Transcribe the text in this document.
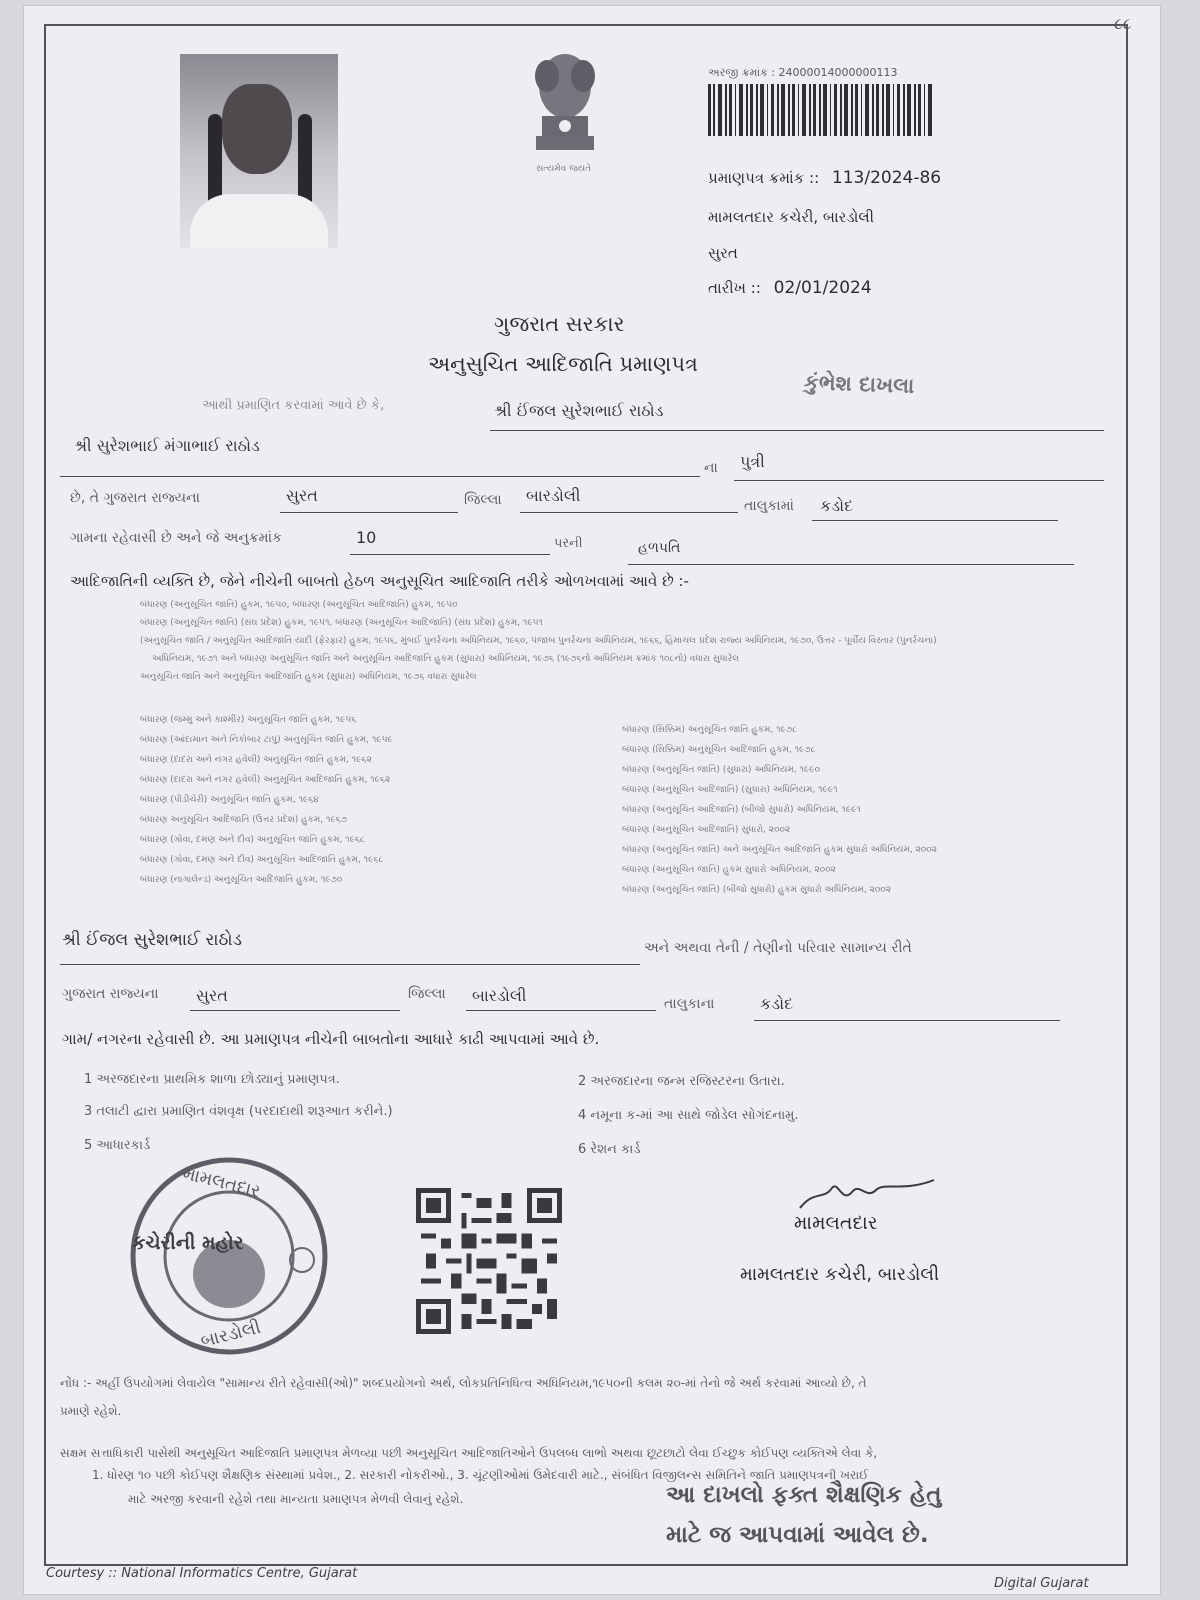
૮૮
સત્યમેવ જયતે
અરજી ક્રમાંક : 24000014000000113
પ્રમાણપત્ર ક્રમાંક :: 113/2024-86
મામલતદાર કચેરી, બારડોલી
સુરત
તારીખ :: 02/01/2024
ગુજરાત સરકાર
અનુસુચિત આદિજાતિ પ્રમાણપત્ર
કુંભેશ દાખલા
આથી પ્રમાણિત કરવામાં આવે છે કે,	શ્રી ઈંજલ સુરેશભાઈ રાઠોડ
શ્રી સુરેશભાઈ મંગાભાઈ રાઠોડ
ના પુત્રી
છે, તે ગુજરાત રાજ્યના	સુરત	જિલ્લા બારડોલી
તાલુકામાં કડોદ
ગામના રહેવાસી છે અને જે અનુક્રમાંક	10	પરની	હળપતિ
આદિજાતિની વ્યક્તિ છે, જેને નીચેની બાબતો હેઠળ અનુસૂચિત આદિજાતિ તરીકે ઓળખવામાં આવે છે :-
બંધારણ (અનુસૂચિત જાતિ) હુકમ, ૧૯૫૦, બંધારણ (અનુસૂચિત આદિજાતિ) હુકમ, ૧૯૫૦
બંધારણ (અનુસૂચિત જાતિ) (સંઘ પ્રદેશ) હુકમ, ૧૯૫૧, બંધારણ (અનુસૂચિત આદિજાતિ) (સંઘ પ્રદેશ) હુકમ, ૧૯૫૧
(અનુસૂચિત જાતિ / અનુસૂચિત આદિજાતિ યાદી (ફેરફાર) હુકમ, ૧૯૫૬, મુંબઈ પુનર્રચના અધિનિયમ, ૧૯૬૦, પંજાબ પુનર્રચના અધિનિયમ, ૧૯૬૬, હિમાચલ પ્રદેશ રાજ્ય અધિનિયમ, ૧૯૭૦, ઉત્તર - પૂર્વીય વિસ્તાર (પુનર્રચના)
અધિનિયમ, ૧૯૭૧ અને બંધારણ અનુસૂચિત જાતિ અને અનુસૂચિત આદિજાતિ હુકમ (સુધારા) અધિનિયમ, ૧૯૭૬ (૧૯૭૬નો અધિનિયમ ક્રમાંક ૧૦૮નો) વધારા સુધારેલ
અનુસૂચિત જાતિ અને અનુસૂચિત આદિજાતિ હુકમ (સુધારા) અધિનિયમ, ૧૯૭૬ વધારા સુધારેલ
બંધારણ (જમ્મુ અને કાશ્મીર) અનુસૂચિત જાતિ હુકમ, ૧૯૫૬
બંધારણ (આંદામાન અને નિકોબાર ટાપુ) અનુસૂચિત જાતિ હુકમ, ૧૯૫૯
બંધારણ (દાદરા અને નગર હવેલી) અનુસૂચિત જાતિ હુકમ, ૧૯૬૨
બંધારણ (દાદરા અને નગર હવેલી) અનુસૂચિત આદિજાતિ હુકમ, ૧૯૬૨
બંધારણ (પોંડીચેરી) અનુસૂચિત જાતિ હુકમ, ૧૯૬૪
બંધારણ અનુસૂચિત આદિજાતિ (ઉત્તર પ્રદેશ) હુકમ, ૧૯૬૭
બંધારણ (ગોવા, દમણ અને દીવ) અનુસૂચિત જાતિ હુકમ, ૧૯૬૮
બંધારણ (ગોવા, દમણ અને દીવ) અનુસૂચિત આદિજાતિ હુકમ, ૧૯૬૮
બંધારણ (નાગાલેન્ડ) અનુસૂચિત આદિજાતિ હુકમ, ૧૯૭૦
બંધારણ (સિક્કિમ) અનુસૂચિત જાતિ હુકમ, ૧૯૭૮
બંધારણ (સિક્કિમ) અનુસૂચિત આદિજાતિ હુકમ, ૧૯૭૮
બંધારણ (અનુસૂચિત જાતિ) (સુધારા) અધિનિયમ, ૧૯૯૦
બંધારણ (અનુસૂચિત આદિજાતિ) (સુધારા) અધિનિયમ, ૧૯૯૧
બંધારણ (અનુસૂચિત આદિજાતિ) (બીજો સુધારો) અધિનિયમ, ૧૯૯૧
બંધારણ (અનુસૂચિત આદિજાતિ) સુધારો, ૨૦૦૨
બંધારણ (અનુસૂચિત જાતિ) અને અનુસૂચિત આદિજાતિ હુકમ સુધારો અધિનિયમ, ૨૦૦૨
બંધારણ (અનુસૂચિત જાતિ) હુકમ સુધારો અધિનિયમ, ૨૦૦૨
બંધારણ (અનુસૂચિત જાતિ) (બીજો સુધારો) હુકમ સુધારો અધિનિયમ, ૨૦૦૨
શ્રી ઈંજલ સુરેશભાઈ રાઠોડ	અને અથવા તેની / તેણીનો પરિવાર સામાન્ય રીતે
ગુજરાત રાજ્યના સુરત	જિલ્લા બારડોલી	તાલુકાના	કડોદ
ગામ/ નગરના રહેવાસી છે. આ પ્રમાણપત્ર નીચેની બાબતોના આધારે કાઢી આપવામાં આવે છે.
1 અરજદારના પ્રાથમિક શાળા છોડ્યાનું પ્રમાણપત્ર.	2 અરજદારના જન્મ રજિસ્ટરના ઉતારા.
3 તલાટી દ્વારા પ્રમાણિત વંશવૃક્ષ (પરદાદાથી શરૂઆત કરીને.)	4 નમૂના ક-માં આ સાથે જોડેલ સોગંદનામુ.
5 આધારકાર્ડ	6 રેશન કાર્ડ
મામલતદાર
કચેરીની મહોર
બારડોલી
મામલતદાર
મામલતદાર કચેરી, બારડોલી
નોંધ :- અહીં ઉપયોગમાં લેવાયેલ "સામાન્ય રીતે રહેવાસી(ઓ)" શબ્દપ્રયોગનો અર્થ, લોકપ્રતિનિધિત્વ અધિનિયમ,૧૯૫૦ની કલમ ૨૦-માં તેનો જે અર્થ કરવામાં આવ્યો છે, તે
પ્રમાણે રહેશે.
સક્ષમ સત્તાધિકારી પાસેથી અનુસૂચિત આદિજાતિ પ્રમાણપત્ર મેળવ્યા પછી અનુસૂચિત આદિજાતિઓને ઉપલબ્ધ લાભો અથવા છૂટછાટો લેવા ઈચ્છુક કોઈપણ વ્યક્તિએ લેવા કે,
1. ધોરણ ૧૦ પછી કોઈપણ શૈક્ષણિક સંસ્થામાં પ્રવેશ., 2. સરકારી નોકરીઓ., 3. ચૂંટણીઓમાં ઉમેદવારી માટે., સંબંધિત વિજીલન્સ સમિતિને જાતિ પ્રમાણપત્રની ખરાઈ
માટે અરજી કરવાની રહેશે તથા માન્યતા પ્રમાણપત્ર મેળવી લેવાનું રહેશે.	આ દાખલો ફક્ત શૈક્ષણિક હેતુ
માટે જ આપવામાં આવેલ છે.
Courtesy :: National Informatics Centre, Gujarat
Digital Gujarat
